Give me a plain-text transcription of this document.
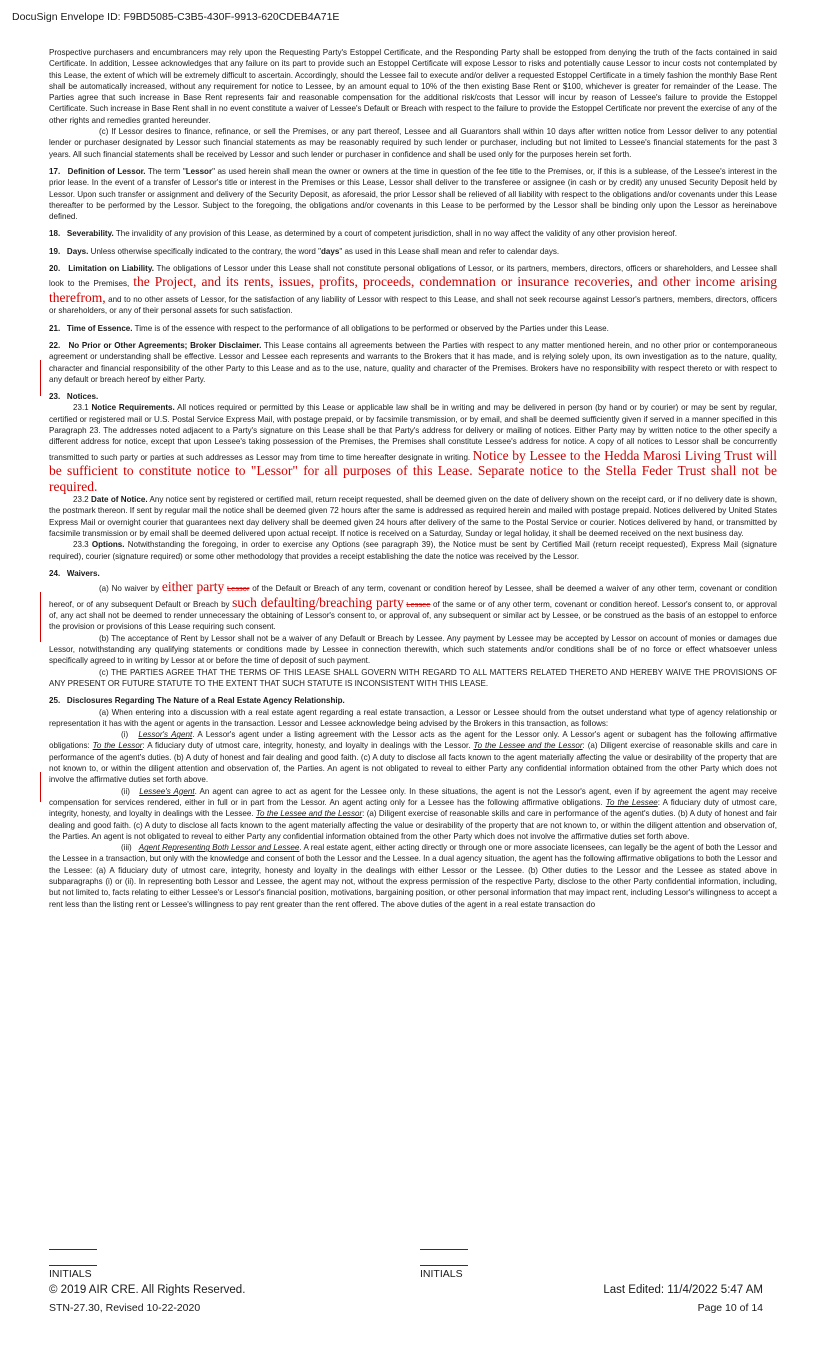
DocuSign Envelope ID: F9BD5085-C3B5-430F-9913-620CDEB4A71E

Prospective purchasers and encumbrancers may rely upon the Requesting Party's Estoppel Certificate, and the Responding Party shall be estopped from denying the truth of the facts contained in said Certificate. In addition, Lessee acknowledges that any failure on its part to provide such an Estoppel Certificate will expose Lessor to risks and potentially cause Lessor to incur costs not contemplated by this Lease, the extent of which will be extremely difficult to ascertain. Accordingly, should the Lessee fail to execute and/or deliver a requested Estoppel Certificate in a timely fashion the monthly Base Rent shall be automatically increased, without any requirement for notice to Lessee, by an amount equal to 10% of the then existing Base Rent or $100, whichever is greater for remainder of the Lease. The Parties agree that such increase in Base Rent represents fair and reasonable compensation for the additional risk/costs that Lessor will incur by reason of Lessee's failure to provide the Estoppel Certificate. Such increase in Base Rent shall in no event constitute a waiver of Lessee's Default or Breach with respect to the failure to provide the Estoppel Certificate nor prevent the exercise of any of the other rights and remedies granted hereunder.

(c) If Lessor desires to finance, refinance, or sell the Premises, or any part thereof, Lessee and all Guarantors shall within 10 days after written notice from Lessor deliver to any potential lender or purchaser designated by Lessor such financial statements as may be reasonably required by such lender or purchaser, including but not limited to Lessee's financial statements for the past 3 years. All such financial statements shall be received by Lessor and such lender or purchaser in confidence and shall be used only for the purposes herein set forth.

17. Definition of Lessor. The term "Lessor" as used herein shall mean the owner or owners at the time in question of the fee title to the Premises, or, if this is a sublease, of the Lessee's interest in the prior lease. In the event of a transfer of Lessor's title or interest in the Premises or this Lease, Lessor shall deliver to the transferee or assignee (in cash or by credit) any unused Security Deposit held by Lessor. Upon such transfer or assignment and delivery of the Security Deposit, as aforesaid, the prior Lessor shall be relieved of all liability with respect to the obligations and/or covenants under this Lease thereafter to be performed by the Lessor. Subject to the foregoing, the obligations and/or covenants in this Lease to be performed by the Lessor shall be binding only upon the Lessor as hereinabove defined.

18. Severability. The invalidity of any provision of this Lease, as determined by a court of competent jurisdiction, shall in no way affect the validity of any other provision hereof.

19. Days. Unless otherwise specifically indicated to the contrary, the word "days" as used in this Lease shall mean and refer to calendar days.

20. Limitation on Liability. The obligations of Lessor under this Lease shall not constitute personal obligations of Lessor, or its partners, members, directors, officers or shareholders, and Lessee shall look to the Premises, the Project, and its rents, issues, profits, proceeds, condemnation or insurance recoveries, and other income arising therefrom, and to no other assets of Lessor, for the satisfaction of any liability of Lessor with respect to this Lease, and shall not seek recourse against Lessor's partners, members, directors, officers or shareholders, or any of their personal assets for such satisfaction.

21. Time of Essence. Time is of the essence with respect to the performance of all obligations to be performed or observed by the Parties under this Lease.

22. No Prior or Other Agreements; Broker Disclaimer. This Lease contains all agreements between the Parties with respect to any matter mentioned herein, and no other prior or contemporaneous agreement or understanding shall be effective. Lessor and Lessee each represents and warrants to the Brokers that it has made, and is relying solely upon, its own investigation as to the nature, quality, character and financial responsibility of the other Party to this Lease and as to the use, nature, quality and character of the Premises. Brokers have no responsibility with respect thereto or with respect to any default or breach hereof by either Party.

23. Notices.

23.1 Notice Requirements. All notices required or permitted by this Lease or applicable law shall be in writing and may be delivered in person (by hand or by courier) or may be sent by regular, certified or registered mail or U.S. Postal Service Express Mail, with postage prepaid, or by facsimile transmission, or by email, and shall be deemed sufficiently given if served in a manner specified in this Paragraph 23. The addresses noted adjacent to a Party's signature on this Lease shall be that Party's address for delivery or mailing of notices. Either Party may by written notice to the other specify a different address for notice, except that upon Lessee's taking possession of the Premises, the Premises shall constitute Lessee's address for notice. A copy of all notices to Lessor shall be concurrently transmitted to such party or parties at such addresses as Lessor may from time to time hereafter designate in writing. Notice by Lessee to the Hedda Marosi Living Trust will be sufficient to constitute notice to "Lessor" for all purposes of this Lease. Separate notice to the Stella Feder Trust shall not be required.

23.2 Date of Notice. Any notice sent by registered or certified mail, return receipt requested, shall be deemed given on the date of delivery shown on the receipt card, or if no delivery date is shown, the postmark thereon. If sent by regular mail the notice shall be deemed given 72 hours after the same is addressed as required herein and mailed with postage prepaid. Notices delivered by United States Express Mail or overnight courier that guarantees next day delivery shall be deemed given 24 hours after delivery of the same to the Postal Service or courier. Notices delivered by hand, or transmitted by facsimile transmission or by email shall be deemed delivered upon actual receipt. If notice is received on a Saturday, Sunday or legal holiday, it shall be deemed received on the next business day.

23.3 Options. Notwithstanding the foregoing, in order to exercise any Options (see paragraph 39), the Notice must be sent by Certified Mail (return receipt requested), Express Mail (signature required), courier (signature required) or some other methodology that provides a receipt establishing the date the notice was received by the Lessor.

24. Waivers.

(a) No waiver by either party Lessor of the Default or Breach of any term, covenant or condition hereof by Lessee, shall be deemed a waiver of any other term, covenant or condition hereof, or of any subsequent Default or Breach by such defaulting/breaching party Lessee of the same or of any other term, covenant or condition hereof. Lessor's consent to, or approval of, any act shall not be deemed to render unnecessary the obtaining of Lessor's consent to, or approval of, any subsequent or similar act by Lessee, or be construed as the basis of an estoppel to enforce the provision or provisions of this Lease requiring such consent.

(b) The acceptance of Rent by Lessor shall not be a waiver of any Default or Breach by Lessee. Any payment by Lessee may be accepted by Lessor on account of monies or damages due Lessor, notwithstanding any qualifying statements or conditions made by Lessee in connection therewith, which such statements and/or conditions shall be of no force or effect whatsoever unless specifically agreed to in writing by Lessor at or before the time of deposit of such payment.

(c) THE PARTIES AGREE THAT THE TERMS OF THIS LEASE SHALL GOVERN WITH REGARD TO ALL MATTERS RELATED THERETO AND HEREBY WAIVE THE PROVISIONS OF ANY PRESENT OR FUTURE STATUTE TO THE EXTENT THAT SUCH STATUTE IS INCONSISTENT WITH THIS LEASE.

25. Disclosures Regarding The Nature of a Real Estate Agency Relationship.

(a) When entering into a discussion with a real estate agent regarding a real estate transaction, a Lessor or Lessee should from the outset understand what type of agency relationship or representation it has with the agent or agents in the transaction. Lessor and Lessee acknowledge being advised by the Brokers in this transaction, as follows:

(i) Lessor's Agent. A Lessor's agent under a listing agreement with the Lessor acts as the agent for the Lessor only. A Lessor's agent or subagent has the following affirmative obligations: To the Lessor: A fiduciary duty of utmost care, integrity, honesty, and loyalty in dealings with the Lessor. To the Lessee and the Lessor: (a) Diligent exercise of reasonable skills and care in performance of the agent's duties. (b) A duty of honest and fair dealing and good faith. (c) A duty to disclose all facts known to the agent materially affecting the value or desirability of the property that are not known to, or within the diligent attention and observation of, the Parties. An agent is not obligated to reveal to either Party any confidential information obtained from the other Party which does not involve the affirmative duties set forth above.

(ii) Lessee's Agent. An agent can agree to act as agent for the Lessee only. In these situations, the agent is not the Lessor's agent, even if by agreement the agent may receive compensation for services rendered, either in full or in part from the Lessor. An agent acting only for a Lessee has the following affirmative obligations. To the Lessee: A fiduciary duty of utmost care, integrity, honesty, and loyalty in dealings with the Lessee. To the Lessee and the Lessor: (a) Diligent exercise of reasonable skills and care in performance of the agent's duties. (b) A duty of honest and fair dealing and good faith. (c) A duty to disclose all facts known to the agent materially affecting the value or desirability of the property that are not known to, or within the diligent attention and observation of, the Parties. An agent is not obligated to reveal to either Party any confidential information obtained from the other Party which does not involve the affirmative duties set forth above.

(iii) Agent Representing Both Lessor and Lessee. A real estate agent, either acting directly or through one or more associate licensees, can legally be the agent of both the Lessor and the Lessee in a transaction, but only with the knowledge and consent of both the Lessor and the Lessee. In a dual agency situation, the agent has the following affirmative obligations to both the Lessor and the Lessee: (a) A fiduciary duty of utmost care, integrity, honesty and loyalty in the dealings with either Lessor or the Lessee. (b) Other duties to the Lessor and the Lessee as stated above in subparagraphs (i) or (ii). In representing both Lessor and Lessee, the agent may not, without the express permission of the respective Party, disclose to the other Party confidential information, including, but not limited to, facts relating to either Lessee's or Lessor's financial position, motivations, bargaining position, or other personal information that may impact rent, including Lessor's willingness to accept a rent less than the listing rent or Lessee's willingness to pay rent greater than the rent offered. The above duties of the agent in a real estate transaction do

INITIALS	INITIALS
© 2019 AIR CRE. All Rights Reserved.
STN-27.30, Revised 10-22-2020
Last Edited: 11/4/2022 5:47 AM
Page 10 of 14
